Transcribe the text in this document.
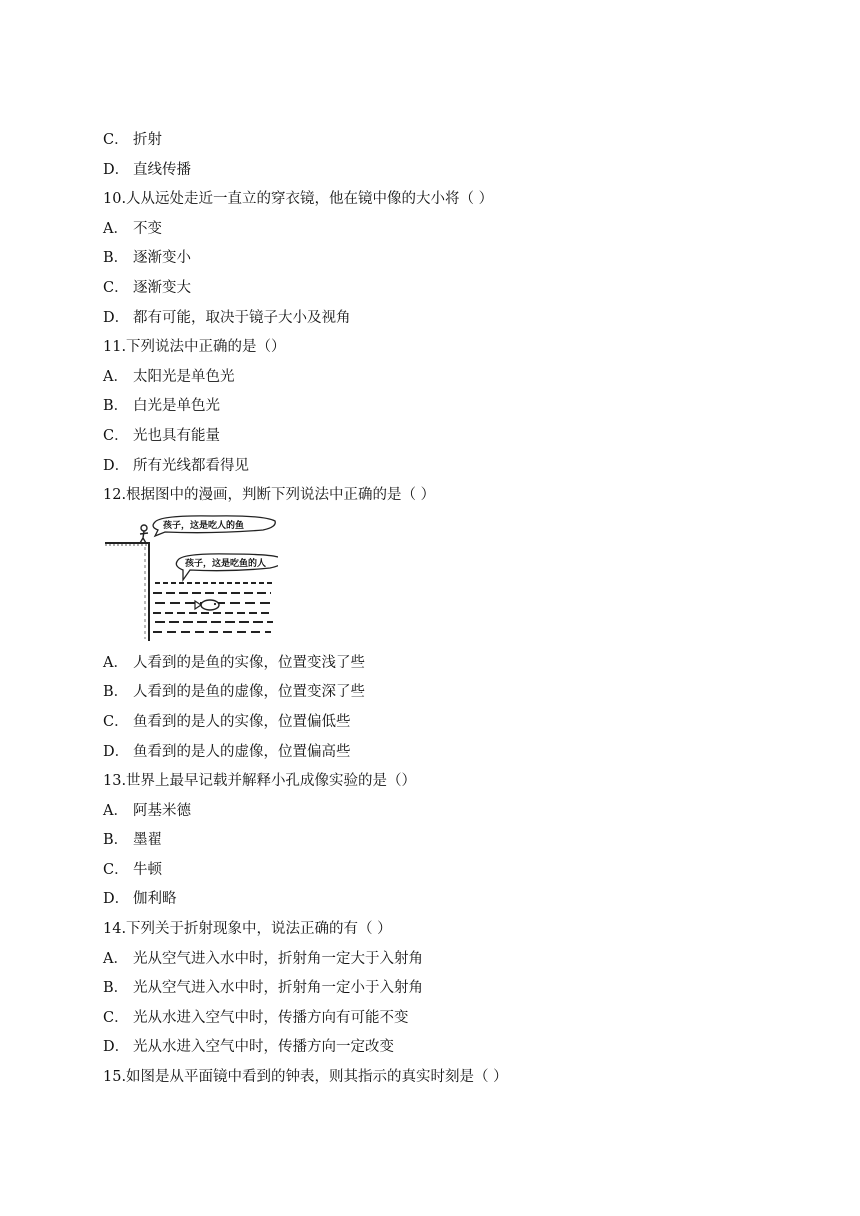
C． 折射
D． 直线传播
10.人从远处走近一直立的穿衣镜，他在镜中像的大小将（ ）
A． 不变
B． 逐渐变小
C． 逐渐变大
D． 都有可能，取决于镜子大小及视角
11.下列说法中正确的是（）
A． 太阳光是单色光
B． 白光是单色光
C． 光也具有能量
D． 所有光线都看得见
12.根据图中的漫画，判断下列说法中正确的是（ ）
孩子，这是吃人的鱼
孩子，这是吃鱼的人
A． 人看到的是鱼的实像，位置变浅了些
B． 人看到的是鱼的虚像，位置变深了些
C． 鱼看到的是人的实像，位置偏低些
D． 鱼看到的是人的虚像，位置偏高些
13.世界上最早记载并解释小孔成像实验的是（）
A． 阿基米德
B． 墨翟
C． 牛顿
D． 伽利略
14.下列关于折射现象中，说法正确的有（ ）
A． 光从空气进入水中时，折射角一定大于入射角
B． 光从空气进入水中时，折射角一定小于入射角
C． 光从水进入空气中时，传播方向有可能不变
D． 光从水进入空气中时，传播方向一定改变
15.如图是从平面镜中看到的钟表，则其指示的真实时刻是（ ）
